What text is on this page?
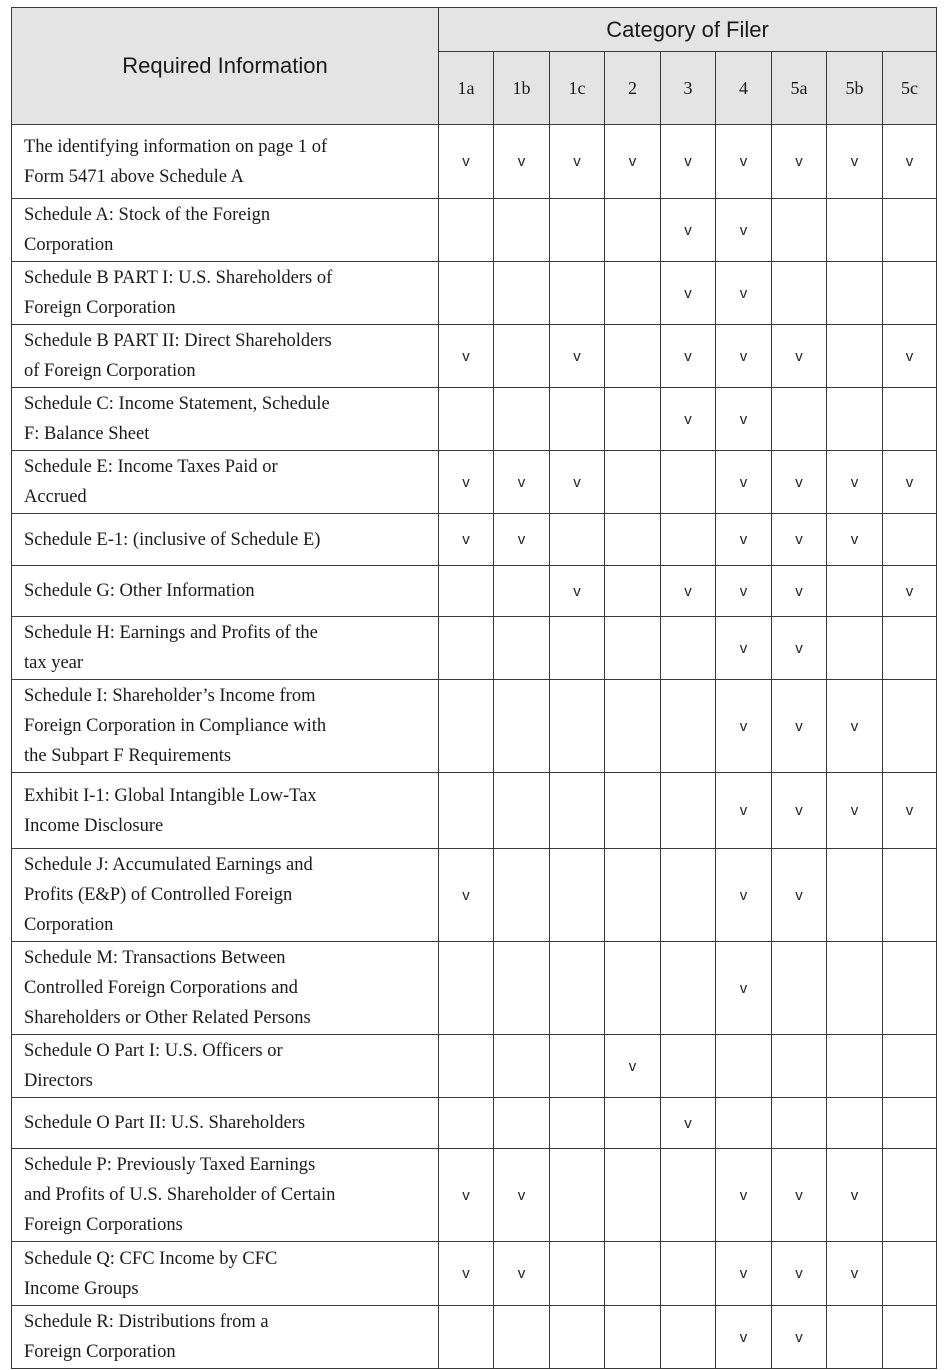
Required Information	Category of Filer								
	1a	1b	1c	2	3	4	5a	5b	5c

The identifying information on page 1 of
Form 5471 above Schedule A	v	v	v	v	v	v	v	v	v

Schedule A: Stock of the Foreign
Corporation					v	v			

Schedule B PART I: U.S. Shareholders of
Foreign Corporation					v	v			

Schedule B PART II: Direct Shareholders
of Foreign Corporation	v		v		v	v	v		v

Schedule C: Income Statement, Schedule
F: Balance Sheet					v	v			

Schedule E: Income Taxes Paid or
Accrued	v	v	v			v	v	v	v

Schedule E-1: (inclusive of Schedule E)	v	v				v	v	v	

Schedule G: Other Information			v		v	v	v		v

Schedule H: Earnings and Profits of the
tax year						v	v		

Schedule I: Shareholder’s Income from
Foreign Corporation in Compliance with
the Subpart F Requirements						v	v	v	

Exhibit I-1: Global Intangible Low-Tax
Income Disclosure						v	v	v	v

Schedule J: Accumulated Earnings and
Profits (E&P) of Controlled Foreign
Corporation	v					v	v		

Schedule M: Transactions Between
Controlled Foreign Corporations and
Shareholders or Other Related Persons						v			

Schedule O Part I: U.S. Officers or
Directors				v					

Schedule O Part II: U.S. Shareholders					v				

Schedule P: Previously Taxed Earnings
and Profits of U.S. Shareholder of Certain
Foreign Corporations	v	v				v	v	v	

Schedule Q: CFC Income by CFC
Income Groups	v	v				v	v	v	

Schedule R: Distributions from a
Foreign Corporation						v	v		
